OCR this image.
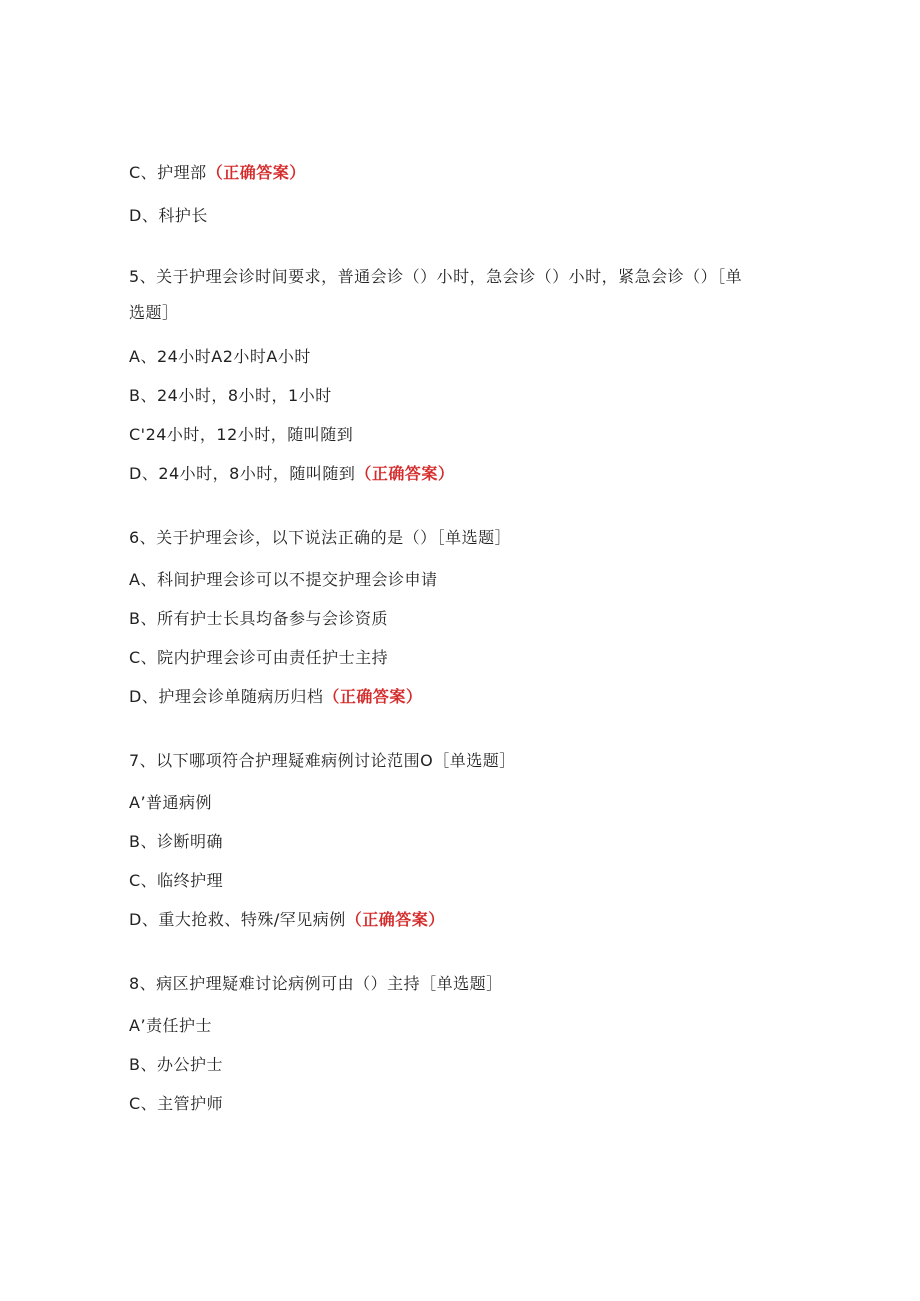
C、护理部（正确答案）
D、科护长
5、关于护理会诊时间要求，普通会诊（）小时，急会诊（）小时，紧急会诊（）［单
选题］
A、24小时A2小时A小时
B、24小时，8小时，1小时
C'24小时，12小时，随叫随到
D、24小时，8小时，随叫随到（正确答案）
6、关于护理会诊，以下说法正确的是（）［单选题］
A、科间护理会诊可以不提交护理会诊申请
B、所有护士长具均备参与会诊资质
C、院内护理会诊可由责任护士主持
D、护理会诊单随病历归档（正确答案）
7、以下哪项符合护理疑难病例讨论范围O［单选题］
A’普通病例
B、诊断明确
C、临终护理
D、重大抢救、特殊/罕见病例（正确答案）
8、病区护理疑难讨论病例可由（）主持［单选题］
A’责任护士
B、办公护士
C、主管护师
